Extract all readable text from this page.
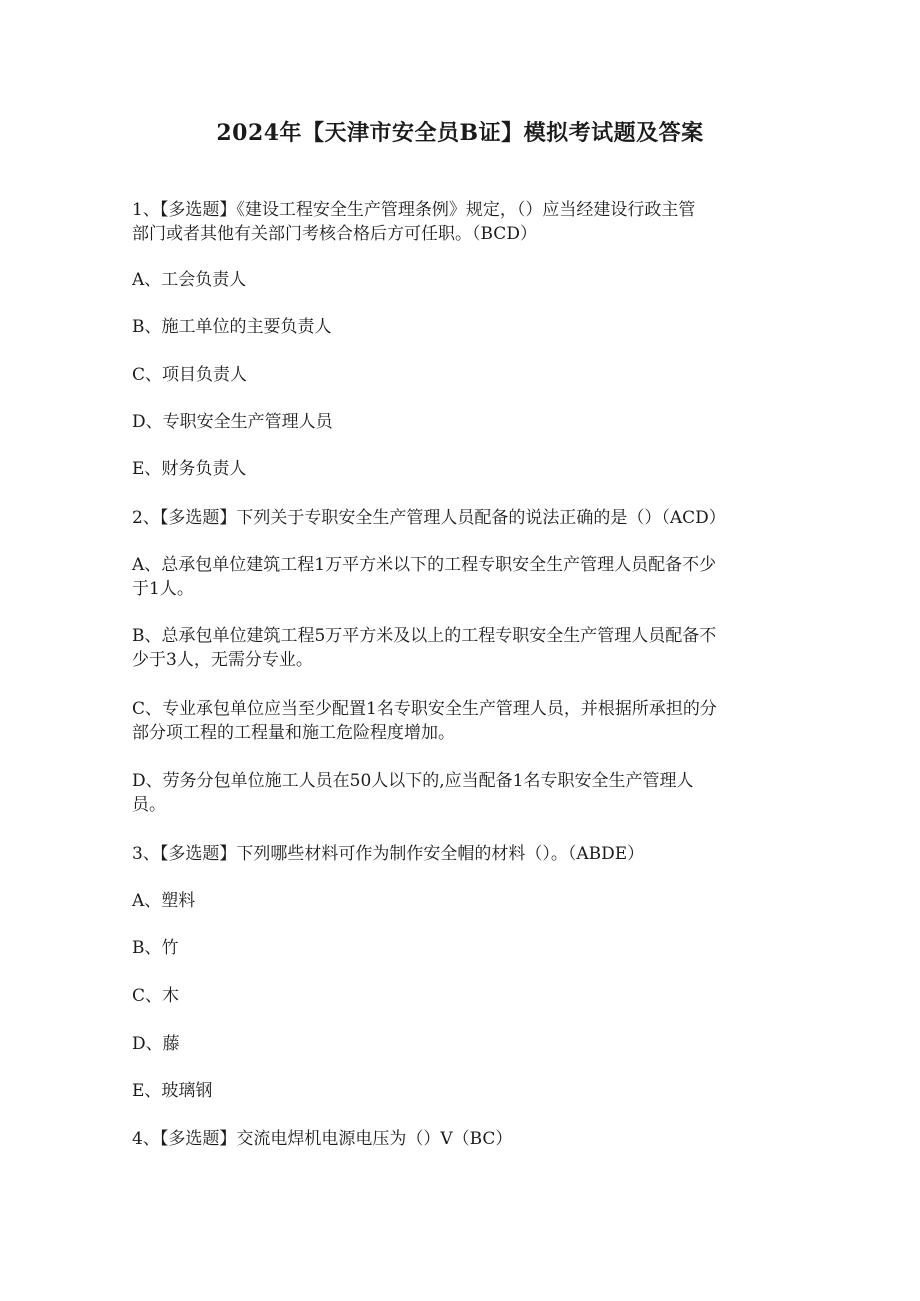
2024年【天津市安全员B证】模拟考试题及答案

1、【多选题】《建设工程安全生产管理条例》规定，（）应当经建设行政主管

部门或者其他有关部门考核合格后方可任职。（BCD）

A、工会负责人

B、施工单位的主要负责人

C、项目负责人

D、专职安全生产管理人员

E、财务负责人

2、【多选题】下列关于专职安全生产管理人员配备的说法正确的是（）（ACD）

A、总承包单位建筑工程1万平方米以下的工程专职安全生产管理人员配备不少

于1人。

B、总承包单位建筑工程5万平方米及以上的工程专职安全生产管理人员配备不

少于3人，无需分专业。

C、专业承包单位应当至少配置1名专职安全生产管理人员，并根据所承担的分

部分项工程的工程量和施工危险程度增加。

D、劳务分包单位施工人员在50人以下的,应当配备1名专职安全生产管理人

员。

3、【多选题】下列哪些材料可作为制作安全帽的材料（）。（ABDE）

A、塑料

B、竹

C、木

D、藤

E、玻璃钢

4、【多选题】交流电焊机电源电压为（）V（BC）
